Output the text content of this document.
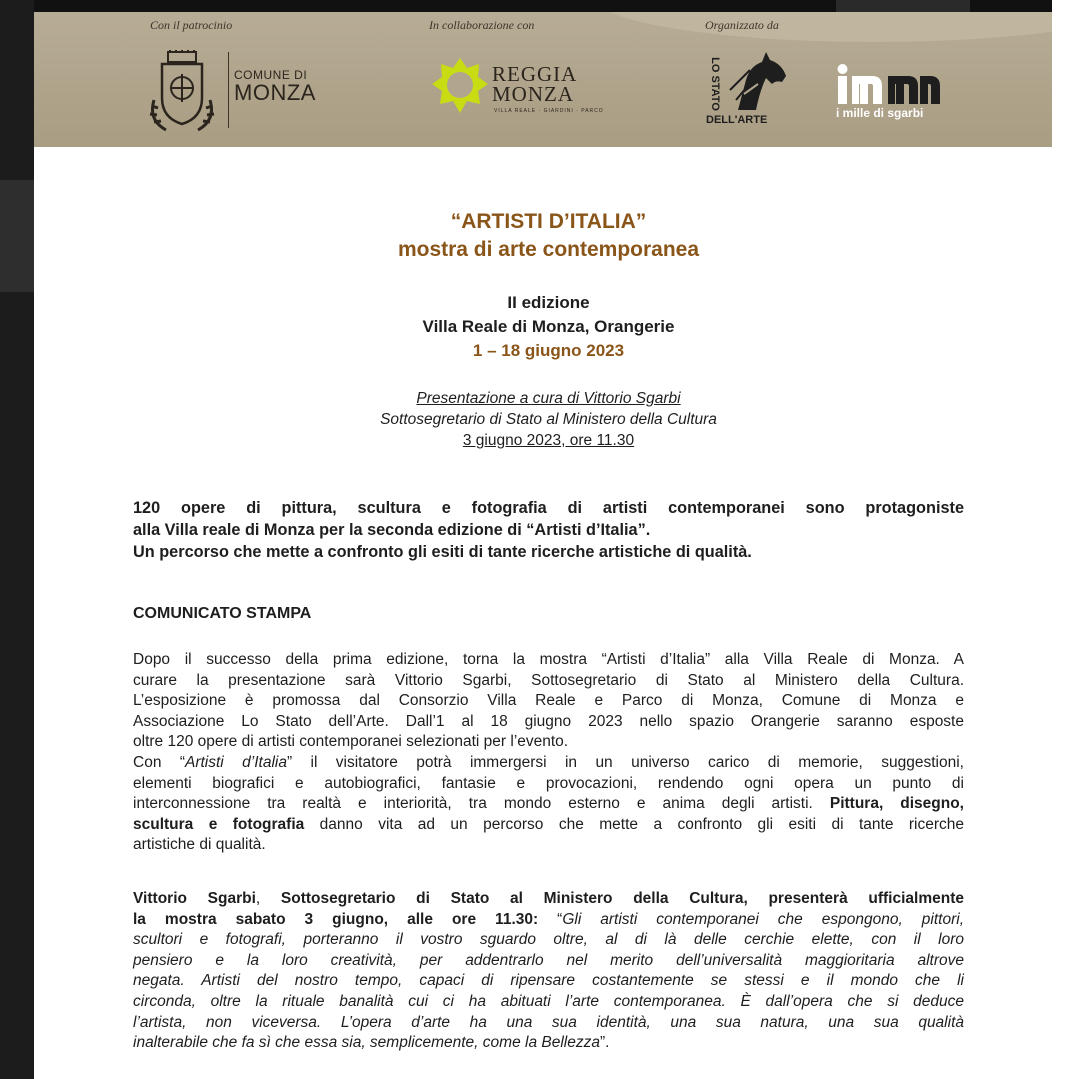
Con il patrocinio	In collaborazione con	Organizzato da
COMUNE DI
MONZA
REGGIA
MONZA
VILLA REALE · GIARDINI · PARCO
LO STATO
DELL'ARTE	i mille di sgarbi
“ARTISTI D’ITALIA”
mostra di arte contemporanea
II edizione
Villa Reale di Monza, Orangerie
1 – 18 giugno 2023
Presentazione a cura di Vittorio Sgarbi
Sottosegretario di Stato al Ministero della Cultura
3 giugno 2023, ore 11.30
120 opere di pittura, scultura e fotografia di artisti contemporanei sono protagoniste
alla Villa reale di Monza per la seconda edizione di “Artisti d’Italia”.
Un percorso che mette a confronto gli esiti di tante ricerche artistiche di qualità.
COMUNICATO STAMPA
Dopo il successo della prima edizione, torna la mostra “Artisti d’Italia” alla Villa Reale di Monza. A
curare la presentazione sarà Vittorio Sgarbi, Sottosegretario di Stato al Ministero della Cultura.
L’esposizione è promossa dal Consorzio Villa Reale e Parco di Monza, Comune di Monza e
Associazione Lo Stato dell’Arte. Dall’1 al 18 giugno 2023 nello spazio Orangerie saranno esposte
oltre 120 opere di artisti contemporanei selezionati per l’evento.
Con “Artisti d’Italia” il visitatore potrà immergersi in un universo carico di memorie, suggestioni,
elementi biografici e autobiografici, fantasie e provocazioni, rendendo ogni opera un punto di
interconnessione tra realtà e interiorità, tra mondo esterno e anima degli artisti. Pittura, disegno,
scultura e fotografia danno vita ad un percorso che mette a confronto gli esiti di tante ricerche
artistiche di qualità.
Vittorio Sgarbi, Sottosegretario di Stato al Ministero della Cultura, presenterà ufficialmente
la mostra sabato 3 giugno, alle ore 11.30: “Gli artisti contemporanei che espongono, pittori,
scultori e fotografi, porteranno il vostro sguardo oltre, al di là delle cerchie elette, con il loro
pensiero e la loro creatività, per addentrarlo nel merito dell’universalità maggioritaria altrove
negata. Artisti del nostro tempo, capaci di ripensare costantemente se stessi e il mondo che li
circonda, oltre la rituale banalità cui ci ha abituati l’arte contemporanea. È dall’opera che si deduce
l’artista, non viceversa. L’opera d’arte ha una sua identità, una sua natura, una sua qualità
inalterabile che fa sì che essa sia, semplicemente, come la Bellezza”.
